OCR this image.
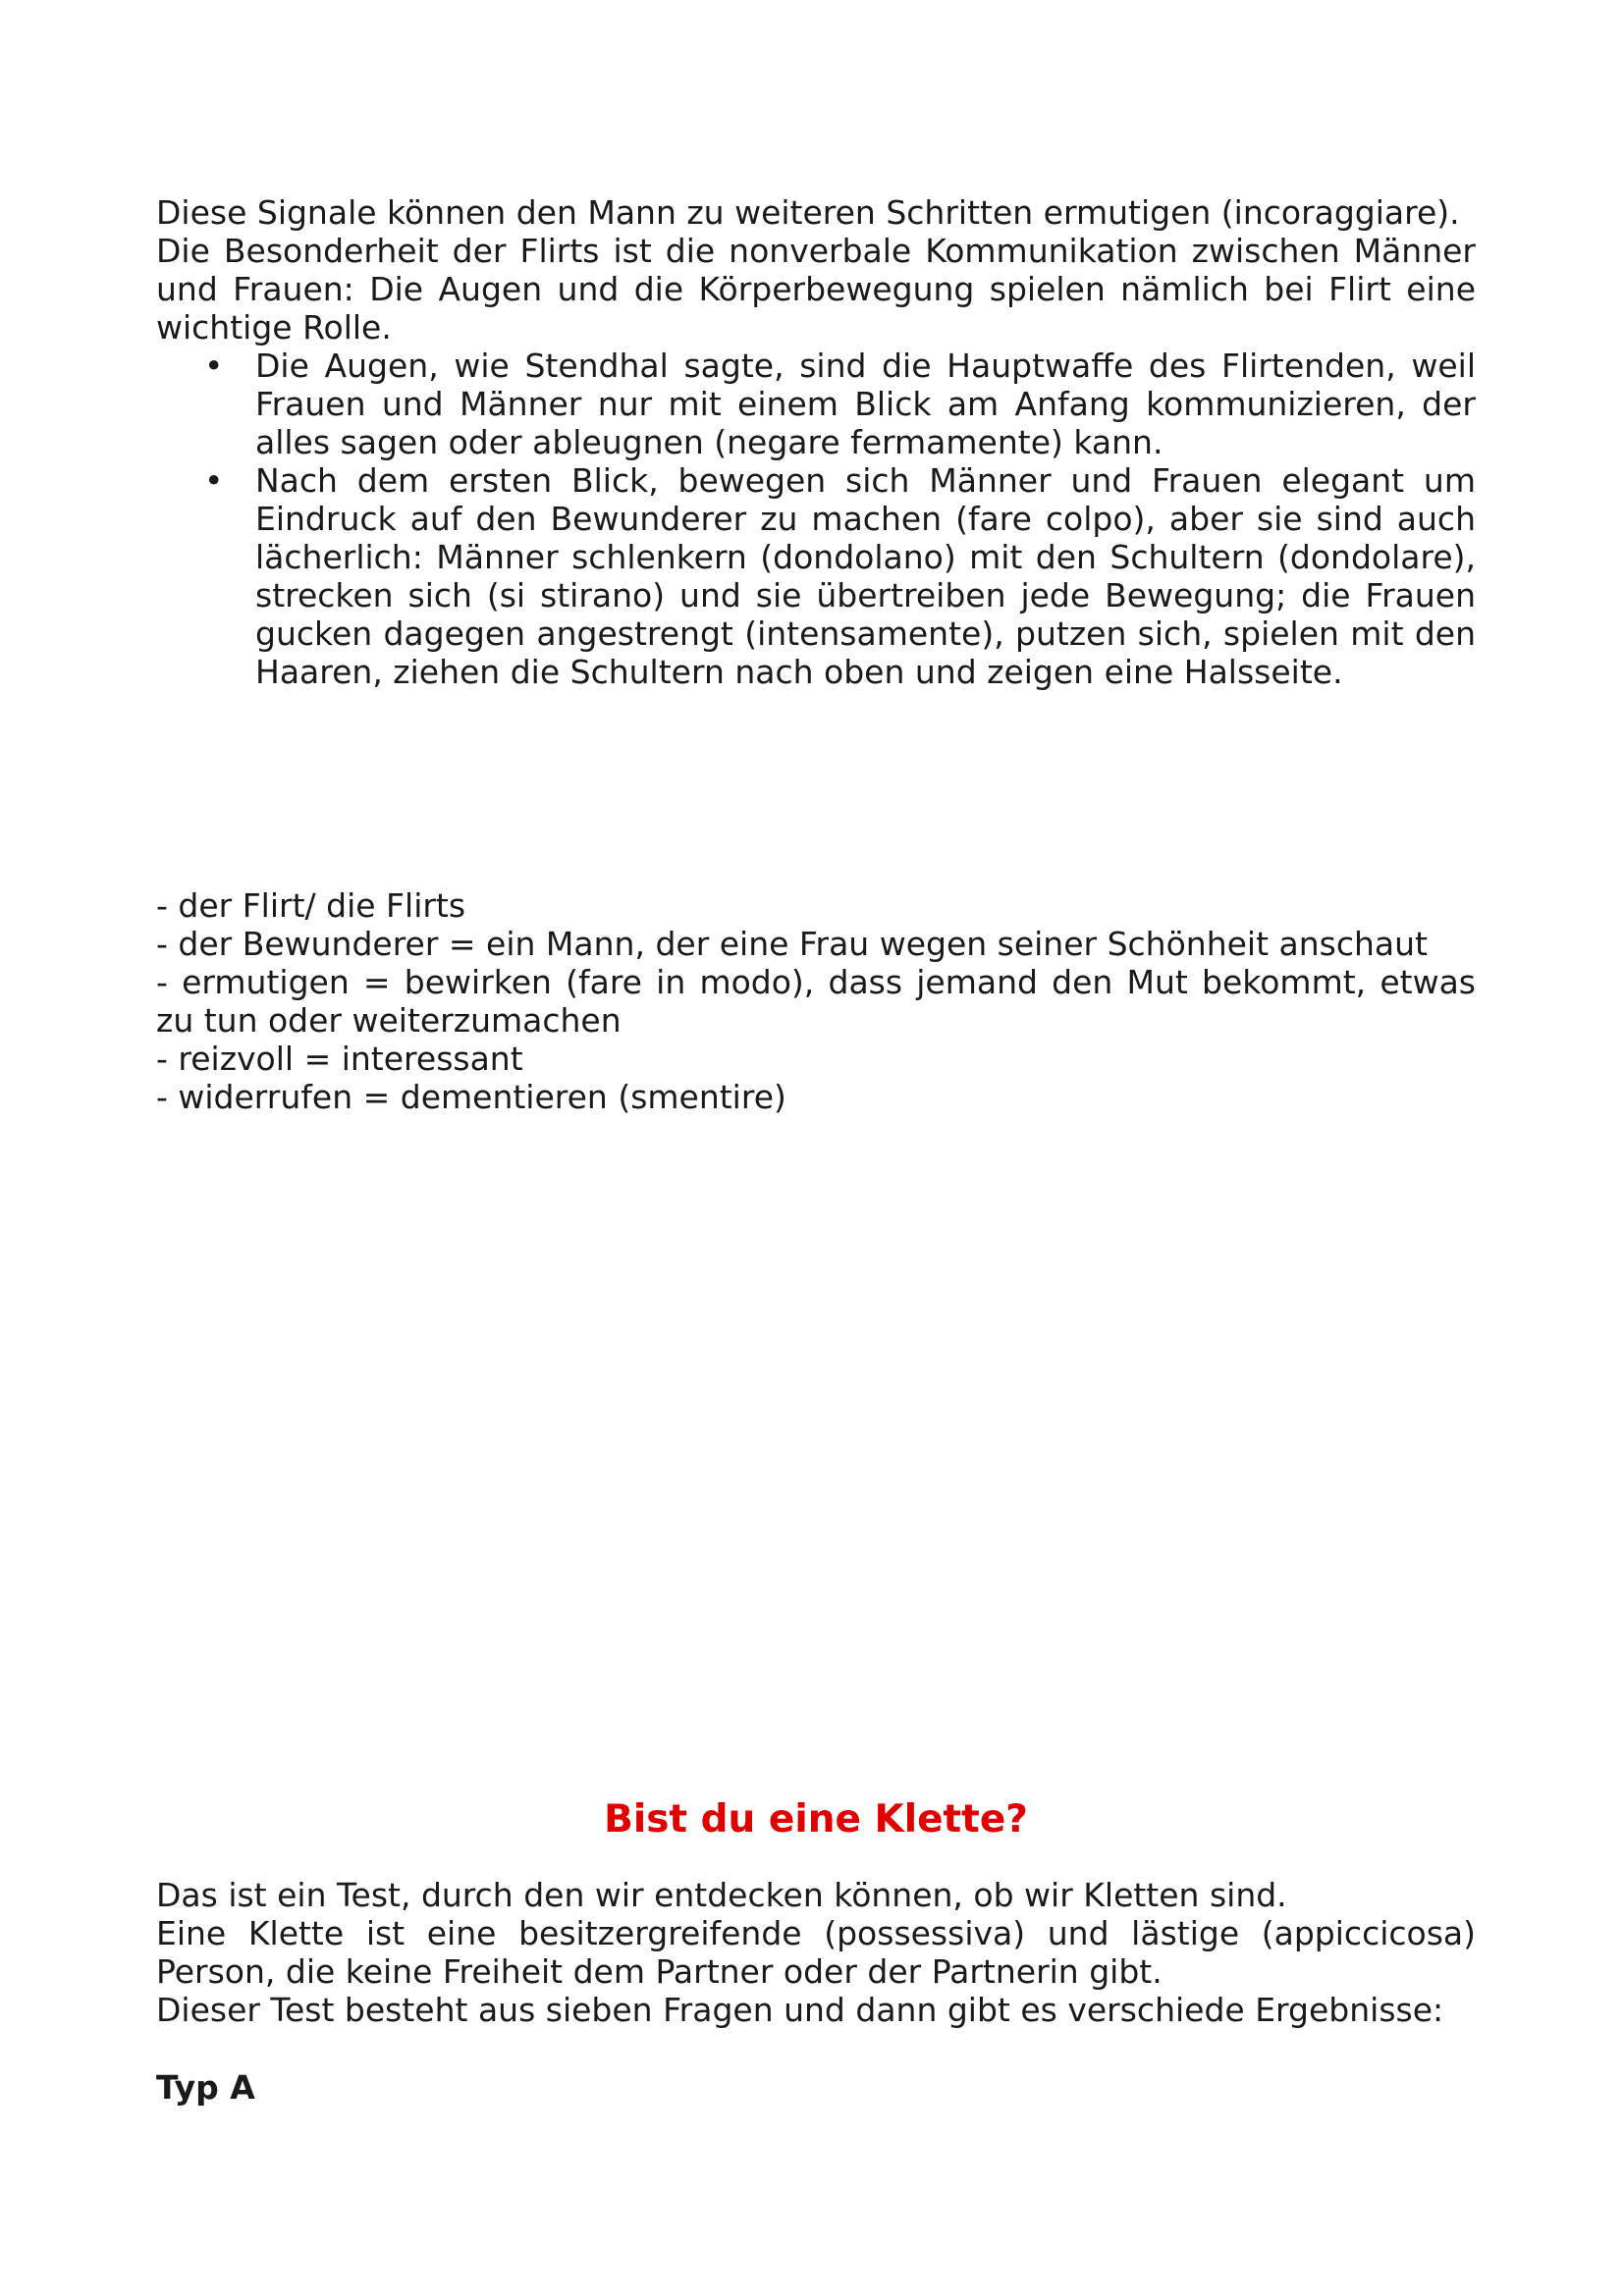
Diese Signale können den Mann zu weiteren Schritten ermutigen (incoraggiare).

Die Besonderheit der Flirts ist die nonverbale Kommunikation zwischen Männer und Frauen: Die Augen und die Körperbewegung spielen nämlich bei Flirt eine wichtige Rolle.

• Die Augen, wie Stendhal sagte, sind die Hauptwaffe des Flirtenden, weil Frauen und Männer nur mit einem Blick am Anfang kommunizieren, der alles sagen oder ableugnen (negare fermamente) kann.
• Nach dem ersten Blick, bewegen sich Männer und Frauen elegant um Eindruck auf den Bewunderer zu machen (fare colpo), aber sie sind auch lächerlich: Männer schlenkern (dondolano) mit den Schultern (dondolare), strecken sich (si stirano) und sie übertreiben jede Bewegung; die Frauen gucken dagegen angestrengt (intensamente), putzen sich, spielen mit den Haaren, ziehen die Schultern nach oben und zeigen eine Halsseite.
- der Flirt/ die Flirts
- der Bewunderer = ein Mann, der eine Frau wegen seiner Schönheit anschaut
- ermutigen = bewirken (fare in modo), dass jemand den Mut bekommt, etwas zu tun oder weiterzumachen
- reizvoll = interessant
- widerrufen = dementieren (smentire)

Bist du eine Klette?

Das ist ein Test, durch den wir entdecken können, ob wir Kletten sind.

Eine Klette ist eine besitzergreifende (possessiva) und lästige (appiccicosa) Person, die keine Freiheit dem Partner oder der Partnerin gibt.

Dieser Test besteht aus sieben Fragen und dann gibt es verschiede Ergebnisse:

Typ A
